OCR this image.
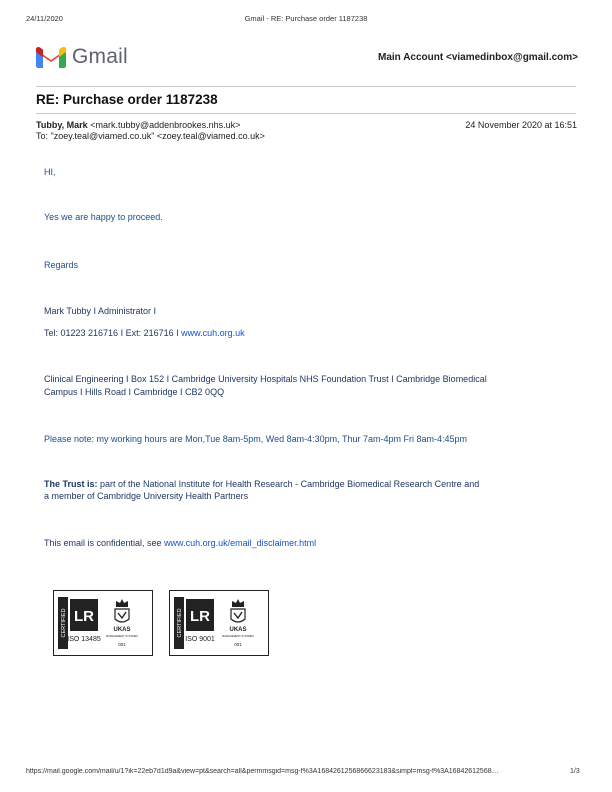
24/11/2020	Gmail - RE: Purchase order 1187238
Gmail	Main Account <viamedinbox@gmail.com>
RE: Purchase order 1187238
Tubby, Mark <mark.tubby@addenbrookes.nhs.uk>	24 November 2020 at 16:51
To: "zoey.teal@viamed.co.uk" <zoey.teal@viamed.co.uk>
HI,
Yes we are happy to proceed.
Regards
Mark Tubby I Administrator I
Tel: 01223 216716 I Ext: 216716 I www.cuh.org.uk
Clinical Engineering I Box 152 I Cambridge University Hospitals NHS Foundation Trust I Cambridge Biomedical
Campus I Hills Road I Cambridge I CB2 0QQ
Please note: my working hours are Mon,Tue 8am-5pm, Wed 8am-4:30pm, Thur 7am-4pm Fri 8am-4:45pm
The Trust is: part of the National Institute for Health Research - Cambridge Biomedical Research Centre and
a member of Cambridge University Health Partners
This email is confidential, see www.cuh.org.uk/email_disclaimer.html
CERTIFIED LR
ISO 13485
UKAS
MANAGEMENT SYSTEMS
001
CERTIFIED LR
ISO 9001
UKAS
MANAGEMENT SYSTEMS
001
https://mail.google.com/mail/u/1?ik=22eb7d1d9a&view=pt&search=all&permmsgid=msg-f%3A1684261256866623183&simpl=msg-f%3A16842612568…	1/3
